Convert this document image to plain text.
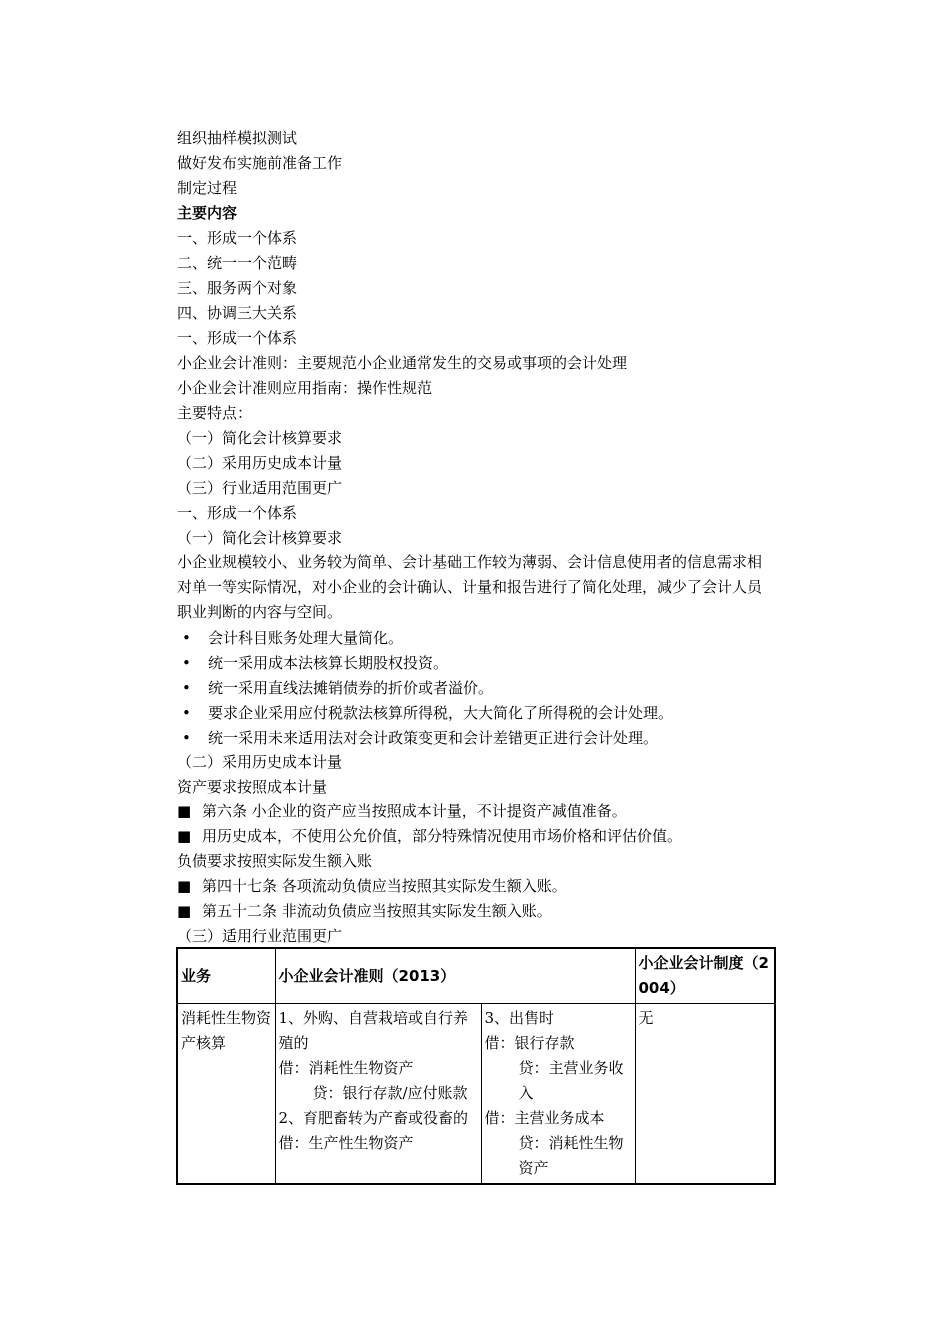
组织抽样模拟测试
做好发布实施前准备工作
制定过程
主要内容
一、形成一个体系
二、统一一个范畴
三、服务两个对象
四、协调三大关系
一、形成一个体系
小企业会计准则：主要规范小企业通常发生的交易或事项的会计处理
小企业会计准则应用指南：操作性规范
主要特点：
（一）简化会计核算要求
（二）采用历史成本计量
（三）行业适用范围更广
一、形成一个体系
（一）简化会计核算要求
小企业规模较小、业务较为简单、会计基础工作较为薄弱、会计信息使用者的信息需求相对单一等实际情况，对小企业的会计确认、计量和报告进行了简化处理，减少了会计人员职业判断的内容与空间。
• 会计科目账务处理大量简化。
• 统一采用成本法核算长期股权投资。
• 统一采用直线法摊销债券的折价或者溢价。
• 要求企业采用应付税款法核算所得税，大大简化了所得税的会计处理。
• 统一采用未来适用法对会计政策变更和会计差错更正进行会计处理。
（二）采用历史成本计量
资产要求按照成本计量
■ 第六条 小企业的资产应当按照成本计量，不计提资产减值准备。
■ 用历史成本，不使用公允价值，部分特殊情况使用市场价格和评估价值。
负债要求按照实际发生额入账
■ 第四十七条 各项流动负债应当按照其实际发生额入账。
■ 第五十二条 非流动负债应当按照其实际发生额入账。
（三）适用行业范围更广
业务	小企业会计准则（2013）		小企业会计制度（2004）
消耗性生物资产核算	1、外购、自营栽培或自行养殖的
借：消耗性生物资产
贷：银行存款/应付账款
2、育肥畜转为产畜或役畜的
借：生产性生物资产	3、出售时
借：银行存款
贷：主营业务收入
借：主营业务成本
贷：消耗性生物资产	无
